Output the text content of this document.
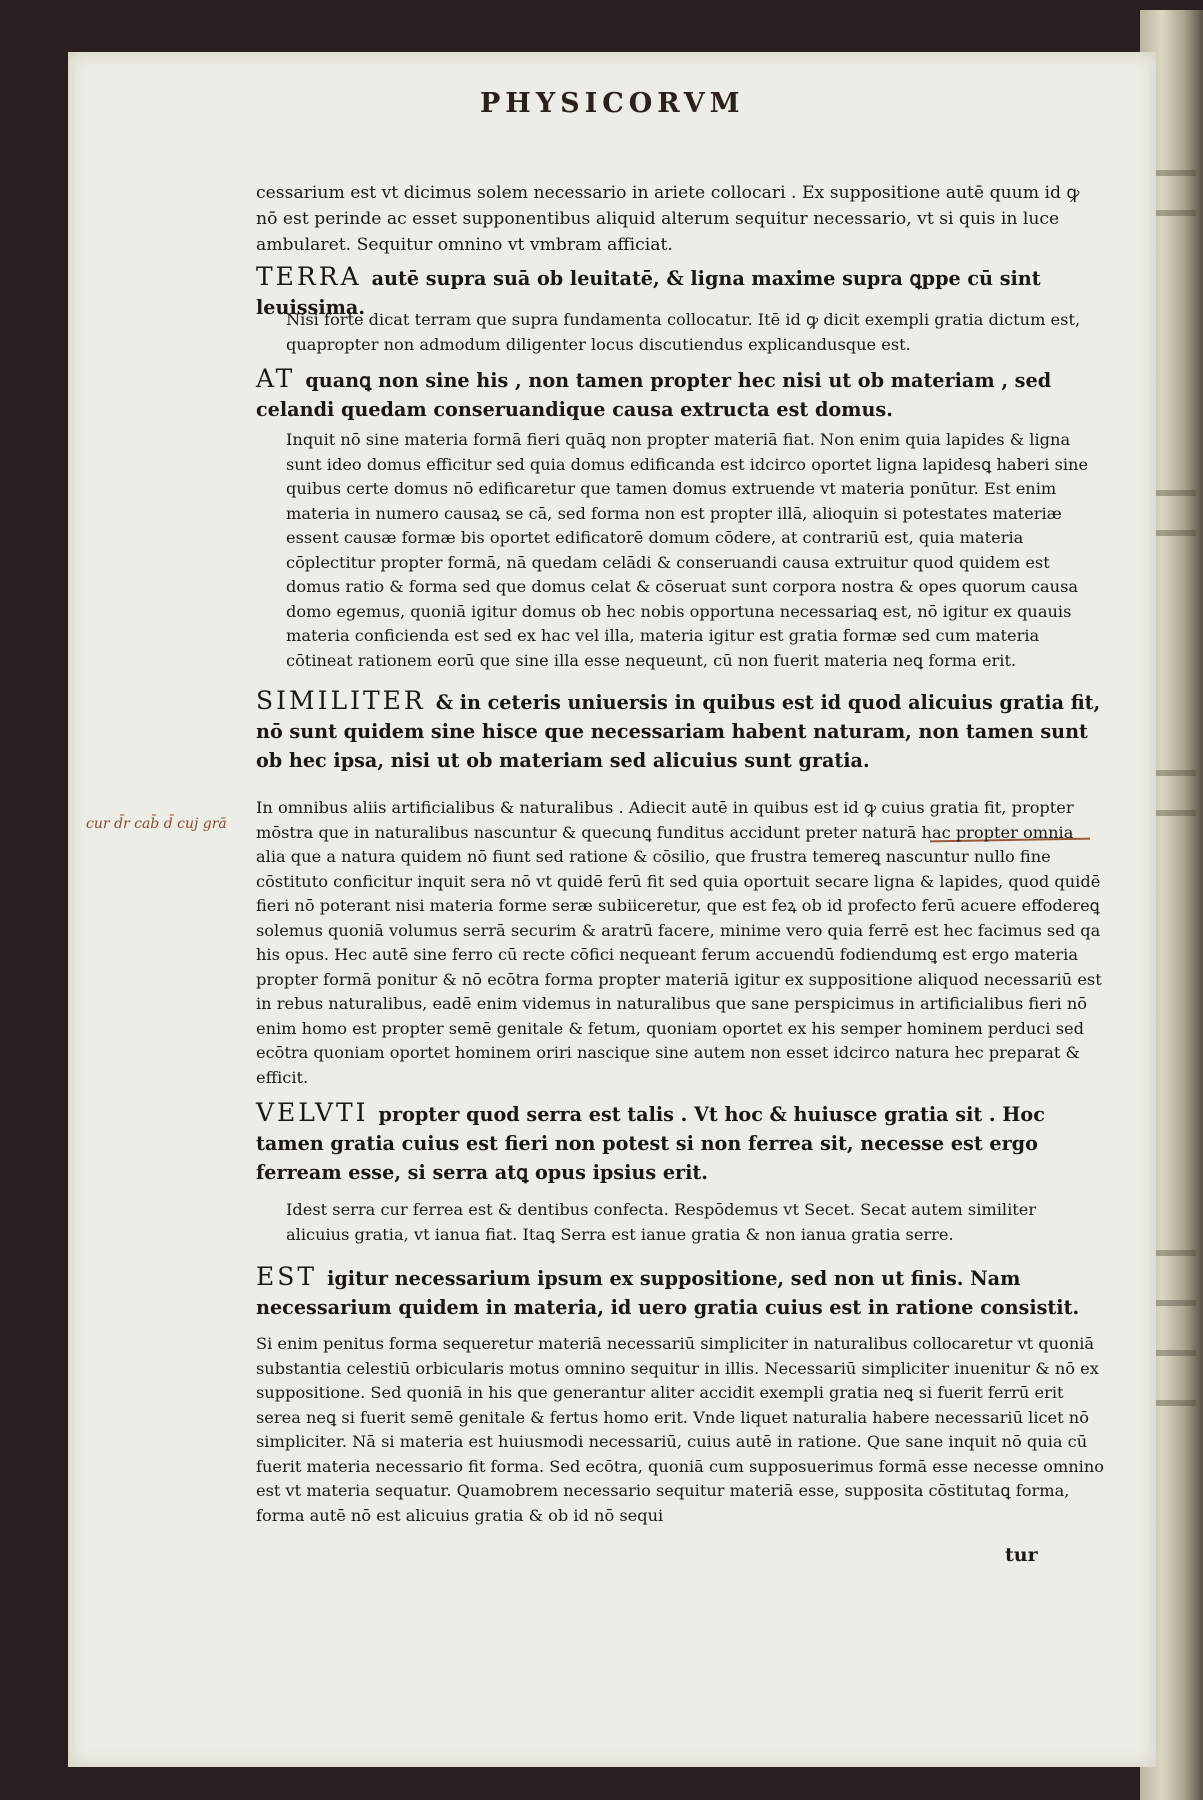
PHYSICORVM

cessarium est vt dicimus solem necessario in ariete collocari . Ex suppositione autē quum id ꝙ nō est perinde ac esset supponentibus aliquid alterum sequitur necessario, vt si quis in luce ambularet. Sequitur omnino vt vmbram afficiat.

TERRA autē supra suā ob leuitatē, & ligna maxime supra ꝗppe cū sint leuissima.

Nisi forte dicat terram que supra fundamenta collocatur. Itē id ꝙ dicit exempli gratia dictum est, quapropter non admodum diligenter locus discutiendus explicandusque est.

AT quanꝗ non sine his , non tamen propter hec nisi ut ob materiam , sed celandi quedam conseruandique causa extructa est domus.

Inquit nō sine materia formā fieri quāꝗ non propter materiā fiat. Non enim quia lapides & ligna sunt ideo domus efficitur sed quia domus edificanda est idcirco oportet ligna lapidesꝗ haberi sine quibus certe domus nō edificaretur que tamen domus extruende vt materia ponūtur. Est enim materia in numero causaꝝ se cā, sed forma non est propter illā, alioquin si potestates materiæ essent causæ formæ bis oportet edificatorē domum cōdere, at contrariū est, quia materia cōplectitur propter formā, nā quedam celādi & conseruandi causa extruitur quod quidem est domus ratio & forma sed que domus celat & cōseruat sunt corpora nostra & opes quorum causa domo egemus, quoniā igitur domus ob hec nobis opportuna necessariaꝗ est, nō igitur ex quauis materia conficienda est sed ex hac vel illa, materia igitur est gratia formæ sed cum materia cōtineat rationem eorū que sine illa esse nequeunt, cū non fuerit materia neꝗ forma erit.

SIMILITER & in ceteris uniuersis in quibus est id quod alicuius gratia fit, nō sunt quidem sine hisce que necessariam habent naturam, non tamen sunt ob hec ipsa, nisi ut ob materiam sed alicuius sunt gratia.

cur d̄r cab̄ d̄ cuj grā

In omnibus aliis artificialibus & naturalibus . Adiecit autē in quibus est id ꝙ cuius gratia fit, propter mōstra que in naturalibus nascuntur & quecunꝗ funditus accidunt preter naturā hac propter omnia alia que a natura quidem nō fiunt sed ratione & cōsilio, que frustra temereꝗ nascuntur nullo fine cōstituto conficitur inquit sera nō vt quidē ferū fit sed quia oportuit secare ligna & lapides, quod quidē fieri nō poterant nisi materia forme seræ subiiceretur, que est feꝝ ob id profecto ferū acuere effodereꝗ solemus quoniā volumus serrā securim & aratrū facere, minime vero quia ferrē est hec facimus sed qa his opus. Hec autē sine ferro cū recte cōfici nequeant ferum accuendū fodiendumꝗ est ergo materia propter formā ponitur & nō ecōtra forma propter materiā igitur ex suppositione aliquod necessariū est in rebus naturalibus, eadē enim videmus in naturalibus que sane perspicimus in artificialibus fieri nō enim homo est propter semē genitale & fetum, quoniam oportet ex his semper hominem perduci sed ecōtra quoniam oportet hominem oriri nascique sine autem non esset idcirco natura hec preparat & efficit.

VELVTI propter quod serra est talis . Vt hoc & huiusce gratia sit . Hoc tamen gratia cuius est fieri non potest si non ferrea sit, necesse est ergo ferream esse, si serra atꝗ opus ipsius erit.

Idest serra cur ferrea est & dentibus confecta. Respōdemus vt Secet. Secat autem similiter alicuius gratia, vt ianua fiat. Itaꝗ Serra est ianue gratia & non ianua gratia serre.

EST igitur necessarium ipsum ex suppositione, sed non ut finis. Nam necessarium quidem in materia, id uero gratia cuius est in ratione consistit.

Si enim penitus forma sequeretur materiā necessariū simpliciter in naturalibus collocaretur vt quoniā substantia celestiū orbicularis motus omnino sequitur in illis. Necessariū simpliciter inuenitur & nō ex suppositione. Sed quoniā in his que generantur aliter accidit exempli gratia neꝗ si fuerit ferrū erit serea neꝗ si fuerit semē genitale & fertus homo erit. Vnde liquet naturalia habere necessariū licet nō simpliciter. Nā si materia est huiusmodi necessariū, cuius autē in ratione. Que sane inquit nō quia cū fuerit materia necessario fit forma. Sed ecōtra, quoniā cum supposuerimus formā esse necesse omnino est vt materia sequatur. Quamobrem necessario sequitur materiā esse, supposita cōstitutaꝗ forma, forma autē nō est alicuius gratia & ob id nō sequi

tur
